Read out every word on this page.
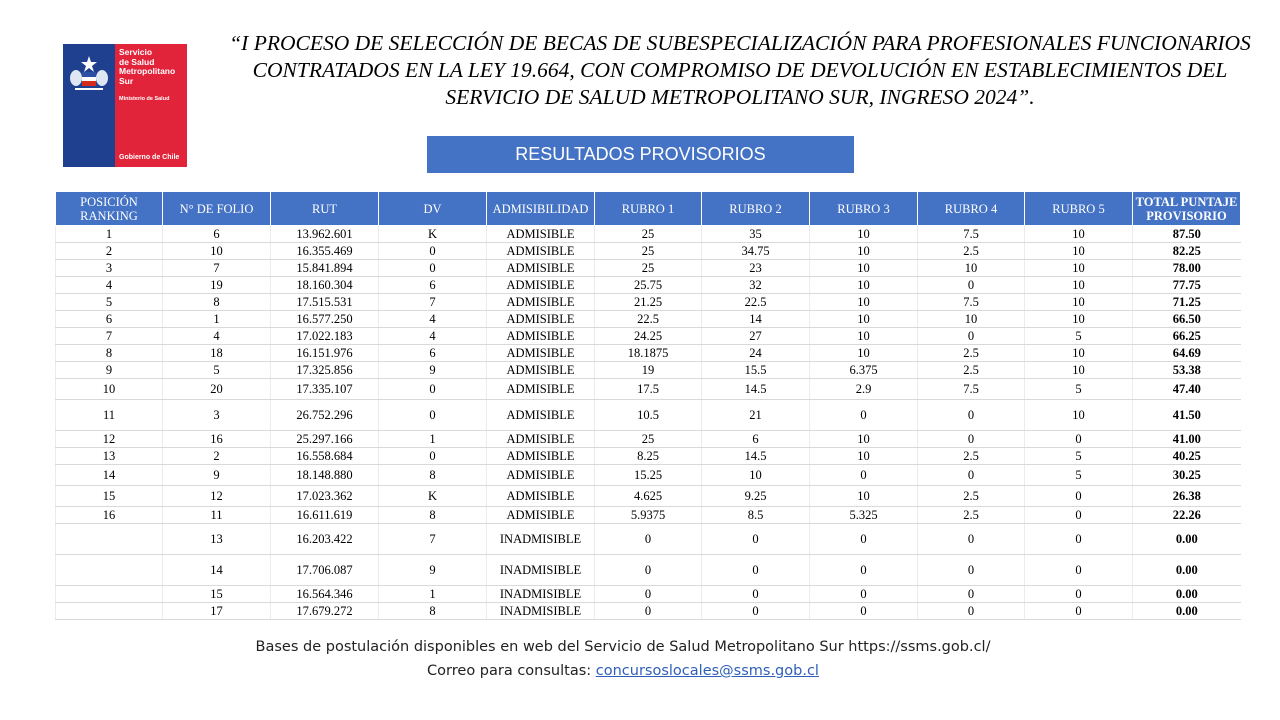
Servicio
de Salud
Metropolitano
Sur
Ministerio de Salud
Gobierno de Chile
“I PROCESO DE SELECCIÓN DE BECAS DE SUBESPECIALIZACIÓN PARA PROFESIONALES FUNCIONARIOS CONTRATADOS EN LA LEY 19.664, CON COMPROMISO DE DEVOLUCIÓN EN ESTABLECIMIENTOS DEL SERVICIO DE SALUD METROPOLITANO SUR, INGRESO 2024”.
RESULTADOS PROVISORIOS
POSICIÓN RANKING	N° DE FOLIO	RUT	DV	ADMISIBILIDAD	RUBRO 1	RUBRO 2	RUBRO 3	RUBRO 4	RUBRO 5	TOTAL PUNTAJE PROVISORIO
1	6	13.962.601	K	ADMISIBLE	25	35	10	7.5	10	87.50
2	10	16.355.469	0	ADMISIBLE	25	34.75	10	2.5	10	82.25
3	7	15.841.894	0	ADMISIBLE	25	23	10	10	10	78.00
4	19	18.160.304	6	ADMISIBLE	25.75	32	10	0	10	77.75
5	8	17.515.531	7	ADMISIBLE	21.25	22.5	10	7.5	10	71.25
6	1	16.577.250	4	ADMISIBLE	22.5	14	10	10	10	66.50
7	4	17.022.183	4	ADMISIBLE	24.25	27	10	0	5	66.25
8	18	16.151.976	6	ADMISIBLE	18.1875	24	10	2.5	10	64.69
9	5	17.325.856	9	ADMISIBLE	19	15.5	6.375	2.5	10	53.38
10	20	17.335.107	0	ADMISIBLE	17.5	14.5	2.9	7.5	5	47.40
11	3	26.752.296	0	ADMISIBLE	10.5	21	0	0	10	41.50
12	16	25.297.166	1	ADMISIBLE	25	6	10	0	0	41.00
13	2	16.558.684	0	ADMISIBLE	8.25	14.5	10	2.5	5	40.25
14	9	18.148.880	8	ADMISIBLE	15.25	10	0	0	5	30.25
15	12	17.023.362	K	ADMISIBLE	4.625	9.25	10	2.5	0	26.38
16	11	16.611.619	8	ADMISIBLE	5.9375	8.5	5.325	2.5	0	22.26
	13	16.203.422	7	INADMISIBLE	0	0	0	0	0	0.00
	14	17.706.087	9	INADMISIBLE	0	0	0	0	0	0.00
	15	16.564.346	1	INADMISIBLE	0	0	0	0	0	0.00
	17	17.679.272	8	INADMISIBLE	0	0	0	0	0	0.00
Bases de postulación disponibles en web del Servicio de Salud Metropolitano Sur https://ssms.gob.cl/
Correo para consultas: concursoslocales@ssms.gob.cl
